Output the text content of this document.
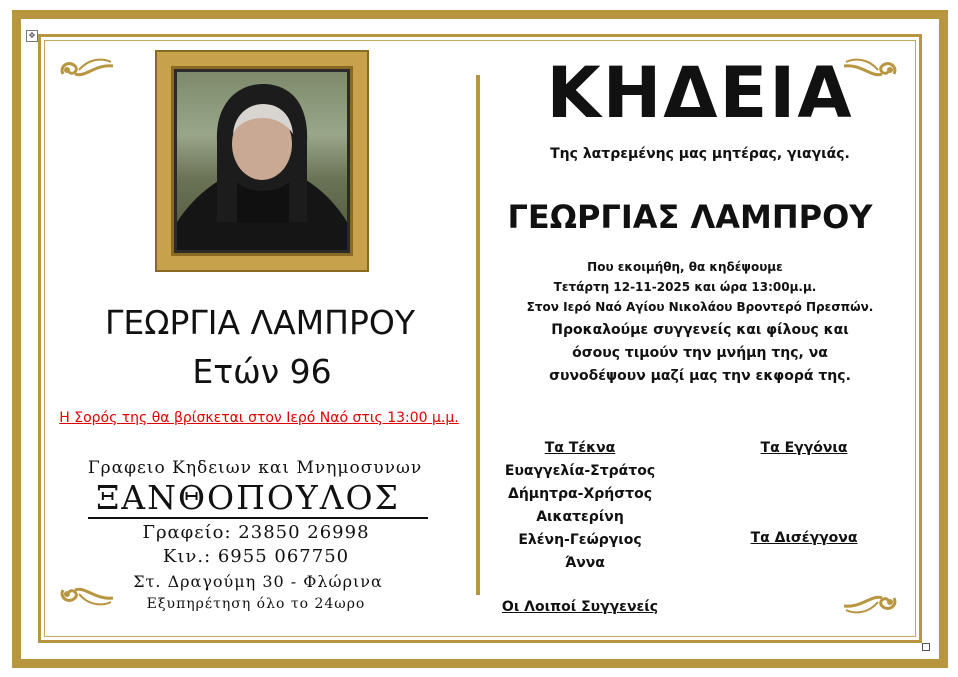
✥
ΓΕΩΡΓΙΑ ΛΑΜΠΡΟΥ
Ετών 96
Η Σορός της θα βρίσκεται στον Ιερό Ναό στις 13:00 μ.μ.
Γραφειο Κηδειων και Μνημοσυνων
ΞΑΝΘΟΠΟΥΛΟΣ
Γραφείο: 23850 26998
Κιν.: 6955 067750
Στ. Δραγούμη 30 - Φλώρινα
Εξυπηρέτηση όλο το 24ωρο
ΚΗΔΕΙΑ
Της λατρεμένης μας μητέρας, γιαγιάς.
ΓΕΩΡΓΙΑΣ ΛΑΜΠΡΟΥ
Που εκοιμήθη, θα κηδέψουμε
Τετάρτη 12-11-2025 και ώρα 13:00μ.μ.
Στον Ιερό Ναό Αγίου Νικολάου Βροντερό Πρεσπών.
Προκαλούμε συγγενείς και φίλους και
όσους τιμούν την μνήμη της, να
συνοδέψουν μαζί μας την εκφορά της.
Τα Τέκνα
Ευαγγελία-Στράτος
Δήμητρα-Χρήστος
Αικατερίνη
Ελένη-Γεώργιος
Άννα
Τα Εγγόνια
Τα Δισέγγονα
Οι Λοιποί Συγγενείς
